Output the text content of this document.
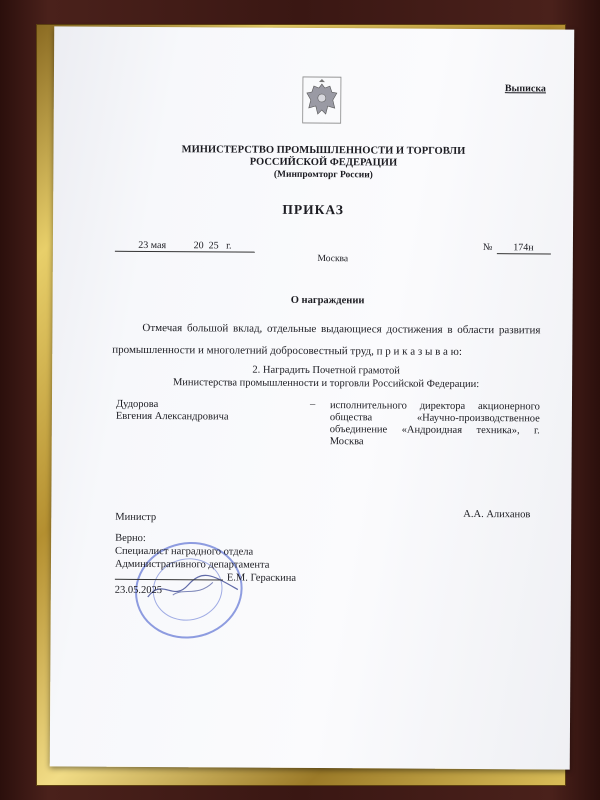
Выписка
МИНИСТЕРСТВО ПРОМЫШЛЕННОСТИ И ТОРГОВЛИ
РОССИЙСКОЙ ФЕДЕРАЦИИ
(Минпромторг России)
ПРИКАЗ
23 мая           20  25   г.	№ 174н
Москва
О награждении
Отмечая большой вклад, отдельные выдающиеся достижения в области развития промышленности и многолетний добросовестный труд, п р и к а з ы в а ю:
2. Наградить Почетной грамотой
Министерства промышленности и торговли Российской Федерации:
Дудорова
Евгения Александровича
– исполнительного директора акционерного общества «Научно-производственное объединение «Андроидная техника», г. Москва
Министр	А.А. Алиханов
Верно:
Специалист наградного отдела
Административного департамента
Е.М. Гераскина
23.05.2025
